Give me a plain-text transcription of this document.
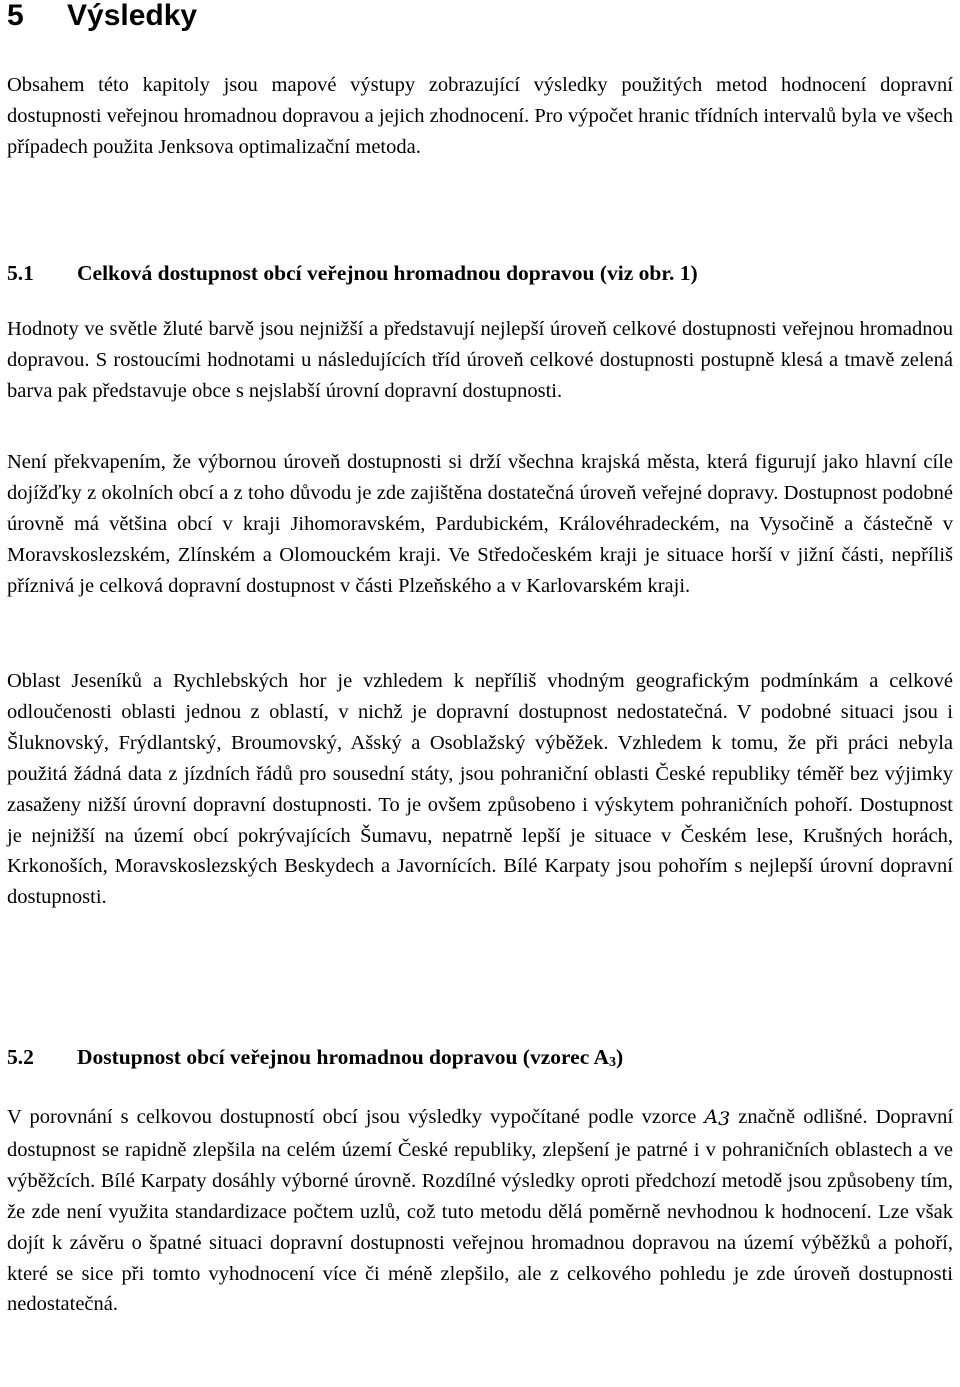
5 Výsledky

Obsahem této kapitoly jsou mapové výstupy zobrazující výsledky použitých metod hodnocení dopravní dostupnosti veřejnou hromadnou dopravou a jejich zhodnocení. Pro výpočet hranic třídních intervalů byla ve všech případech použita Jenksova optimalizační metoda.

5.1 Celková dostupnost obcí veřejnou hromadnou dopravou (viz obr. 1)

Hodnoty ve světle žluté barvě jsou nejnižší a představují nejlepší úroveň celkové dostupnosti veřejnou hromadnou dopravou. S rostoucími hodnotami u následujících tříd úroveň celkové dostupnosti postupně klesá a tmavě zelená barva pak představuje obce s nejslabší úrovní dopravní dostupnosti.

Není překvapením, že výbornou úroveň dostupnosti si drží všechna krajská města, která figurují jako hlavní cíle dojížďky z okolních obcí a z toho důvodu je zde zajištěna dostatečná úroveň veřejné dopravy. Dostupnost podobné úrovně má většina obcí v kraji Jihomoravském, Pardubickém, Královéhradeckém, na Vysočině a částečně v Moravskoslezském, Zlínském a Olomouckém kraji. Ve Středočeském kraji je situace horší v jižní části, nepříliš příznivá je celková dopravní dostupnost v části Plzeňského a v Karlovarském kraji.

Oblast Jeseníků a Rychlebských hor je vzhledem k nepříliš vhodným geografickým podmínkám a celkové odloučenosti oblasti jednou z oblastí, v nichž je dopravní dostupnost nedostatečná. V podobné situaci jsou i Šluknovský, Frýdlantský, Broumovský, Ašský a Osoblažský výběžek. Vzhledem k tomu, že při práci nebyla použitá žádná data z jízdních řádů pro sousední státy, jsou pohraniční oblasti České republiky téměř bez výjimky zasaženy nižší úrovní dopravní dostupnosti. To je ovšem způsobeno i výskytem pohraničních pohoří. Dostupnost je nejnižší na území obcí pokrývajících Šumavu, nepatrně lepší je situace v Českém lese, Krušných horách, Krkonoších, Moravskoslezských Beskydech a Javornících. Bílé Karpaty jsou pohořím s nejlepší úrovní dopravní dostupnosti.

5.2 Dostupnost obcí veřejnou hromadnou dopravou (vzorec A3)

V porovnání s celkovou dostupností obcí jsou výsledky vypočítané podle vzorce A3 značně odlišné. Dopravní dostupnost se rapidně zlepšila na celém území České republiky, zlepšení je patrné i v pohraničních oblastech a ve výběžcích. Bílé Karpaty dosáhly výborné úrovně. Rozdílné výsledky oproti předchozí metodě jsou způsobeny tím, že zde není využita standardizace počtem uzlů, což tuto metodu dělá poměrně nevhodnou k hodnocení. Lze však dojít k závěru o špatné situaci dopravní dostupnosti veřejnou hromadnou dopravou na území výběžků a pohoří, které se sice při tomto vyhodnocení více či méně zlepšilo, ale z celkového pohledu je zde úroveň dostupnosti nedostatečná.
